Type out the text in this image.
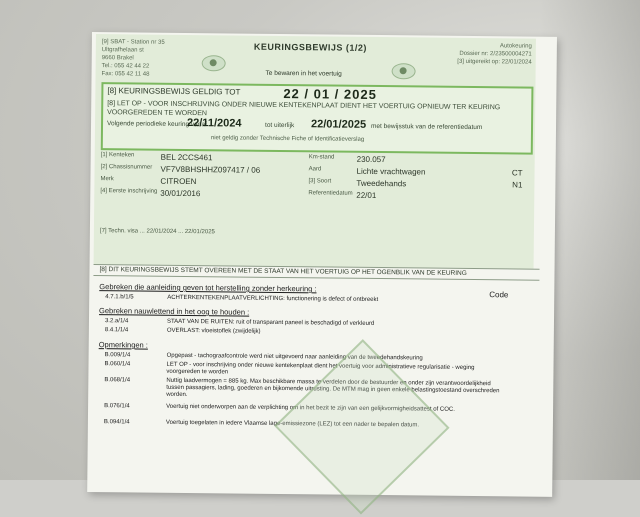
[9] SBAT - Station nr 35
Ultgrafhelaan st
9660 Brakel
Tel.: 055 42 44 22
Fax: 055 42 11 48
KEURINGSBEWIJS (1/2)
Te bewaren in het voertuig
Autokeuring
Dossier nr: 2/23500004271
[3] uitgereikt op: 22/01/2024
[8] KEURINGSBEWIJS GELDIG TOT	22 / 01 / 2025
[8] LET OP - VOOR INSCHRIJVING ONDER NIEUWE KENTEKENPLAAT DIENT HET VOERTUIG OPNIEUW TER KEURING VOORGEREDEN TE WORDEN
Volgende periodieke keuring vanaf
22/11/2024	tot uiterlijk 22/01/2025 met bewijsstuk van de referentiedatum
niet geldig zonder Technische Fiche of Identificatieverslag
[1] Kenteken	BEL 2CCS461	Km-stand	230.057
[2] Chassisnummer VF7V8BHSHHZ097417 / 06	Aard	Lichte vrachtwagen	CT
Merk	CITROEN	[3] Soort	Tweedehands	N1
[4] Eerste inschrijving 30/01/2016	Referentiedatum 22/01
[7] Techn. visa ... 22/01/2024 ... 22/01/2025
[8] DIT KEURINGSBEWIJS STEMT OVEREEN MET DE STAAT VAN HET VOERTUIG OP HET OGENBLIK VAN DE KEURING
Gebreken die aanleiding geven tot herstelling zonder herkeuring :
Code
4.7.1.b/1/5	ACHTERKENTEKENPLAATVERLICHTING: functionering is defect of ontbreekt
Gebreken nauwlettend in het oog te houden :
3.2.a/1/4	STAAT VAN DE RUITEN: ruit of transparant paneel is beschadigd of verkleurd
8.4.1/1/4	OVERLAST: vloeistoflek (zwijdelijk)
Opmerkingen :
B.009/1/4	Opgepast - tachograafcontrole werd niet uitgevoerd naar aanleiding van de tweedehandskeuring
B.060/1/4	LET OP - voor inschrijving onder nieuwe kentekenplaat dient het voertuig voor administratieve regularisatie - weging voorgereden te worden
B.068/1/4	Nuttig laadvermogen = 885 kg. Max beschikbare massa te verdelen door de bestuurder en onder zijn verantwoordelijkheid tussen passagiers, lading, goederen en bijkomende uitrusting. De MTM mag in geen enkele belastingstoestand overschreden worden.
B.076/1/4	Voertuig niet onderworpen aan de verplichting om in het bezit te zijn van een gelijkvormigheidsattest of COC.
B.094/1/4	Voertuig toegelaten in iedere Vlaamse lage-emissiezone (LEZ) tot een nader te bepalen datum.
